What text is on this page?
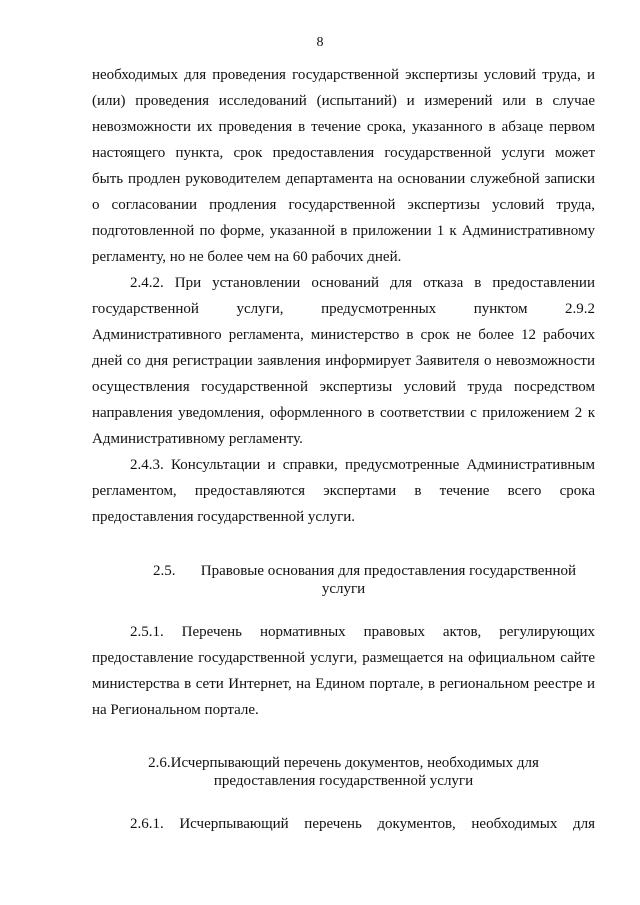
8
необходимых для проведения государственной экспертизы условий труда, и
(или) проведения исследований (испытаний) и измерений или в случае
невозможности их проведения в течение срока, указанного в абзаце первом
настоящего пункта, срок предоставления государственной услуги может
быть продлен руководителем департамента на основании служебной записки
о согласовании продления государственной экспертизы условий труда,
подготовленной по форме, указанной в приложении 1 к Административному
регламенту, но не более чем на 60 рабочих дней.
2.4.2. При установлении оснований для отказа в предоставлении
государственной услуги, предусмотренных пунктом 2.9.2
Административного регламента, министерство в срок не более 12 рабочих
дней со дня регистрации заявления информирует Заявителя о невозможности
осуществления государственной экспертизы условий труда посредством
направления уведомления, оформленного в соответствии с приложением 2 к
Административному регламенту.
2.4.3. Консультации и справки, предусмотренные Административным
регламентом, предоставляются экспертами в течение всего срока
предоставления государственной услуги.
2.5. Правовые основания для предоставления государственной
услуги
2.5.1. Перечень нормативных правовых актов, регулирующих
предоставление государственной услуги, размещается на официальном сайте
министерства в сети Интернет, на Едином портале, в региональном реестре и
на Региональном портале.
2.6.Исчерпывающий перечень документов, необходимых для
предоставления государственной услуги
2.6.1. Исчерпывающий перечень документов, необходимых для
